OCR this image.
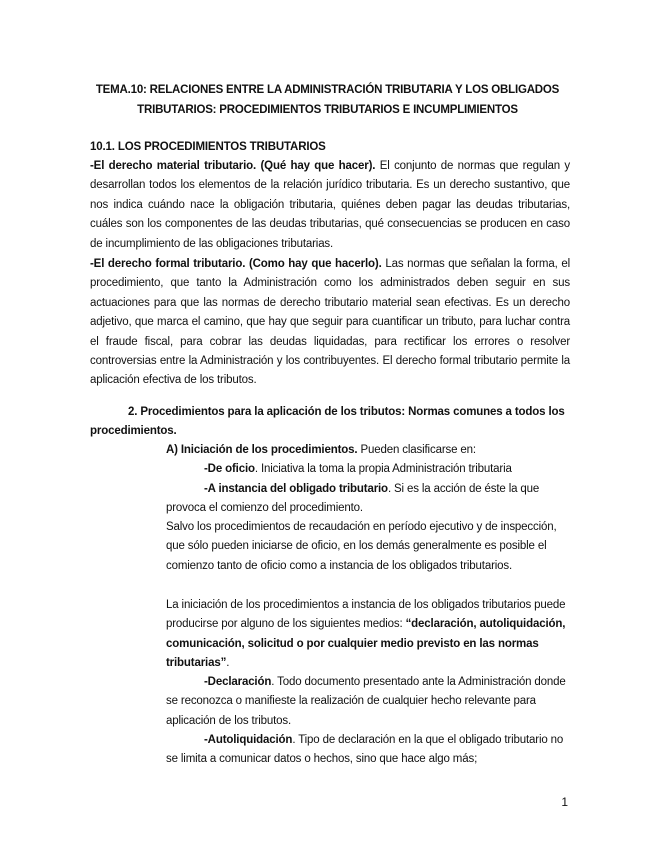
TEMA.10: RELACIONES ENTRE LA ADMINISTRACIÓN TRIBUTARIA Y LOS OBLIGADOS
TRIBUTARIOS: PROCEDIMIENTOS TRIBUTARIOS E INCUMPLIMIENTOS
10.1. LOS PROCEDIMIENTOS TRIBUTARIOS
-El derecho material tributario. (Qué hay que hacer). El conjunto de normas que regulan y desarrollan todos los elementos de la relación jurídico tributaria. Es un derecho sustantivo, que nos indica cuándo nace la obligación tributaria, quiénes deben pagar las deudas tributarias, cuáles son los componentes de las deudas tributarias, qué consecuencias se producen en caso de incumplimiento de las obligaciones tributarias.
-El derecho formal tributario. (Como hay que hacerlo). Las normas que señalan la forma, el procedimiento, que tanto la Administración como los administrados deben seguir en sus actuaciones para que las normas de derecho tributario material sean efectivas. Es un derecho adjetivo, que marca el camino, que hay que seguir para cuantificar un tributo, para luchar contra el fraude fiscal, para cobrar las deudas liquidadas, para rectificar los errores o resolver controversias entre la Administración y los contribuyentes. El derecho formal tributario permite la aplicación efectiva de los tributos.
2. Procedimientos para la aplicación de los tributos: Normas comunes a todos los procedimientos.
A) Iniciación de los procedimientos. Pueden clasificarse en:
-De oficio. Iniciativa la toma la propia Administración tributaria
-A instancia del obligado tributario. Si es la acción de éste la que provoca el comienzo del procedimiento.
Salvo los procedimientos de recaudación en período ejecutivo y de inspección, que sólo pueden iniciarse de oficio, en los demás generalmente es posible el comienzo tanto de oficio como a instancia de los obligados tributarios.
La iniciación de los procedimientos a instancia de los obligados tributarios puede producirse por alguno de los siguientes medios: “declaración, autoliquidación, comunicación, solicitud o por cualquier medio previsto en las normas tributarias”.
-Declaración. Todo documento presentado ante la Administración donde se reconozca o manifieste la realización de cualquier hecho relevante para aplicación de los tributos.
-Autoliquidación. Tipo de declaración en la que el obligado tributario no se limita a comunicar datos o hechos, sino que hace algo más;
1
